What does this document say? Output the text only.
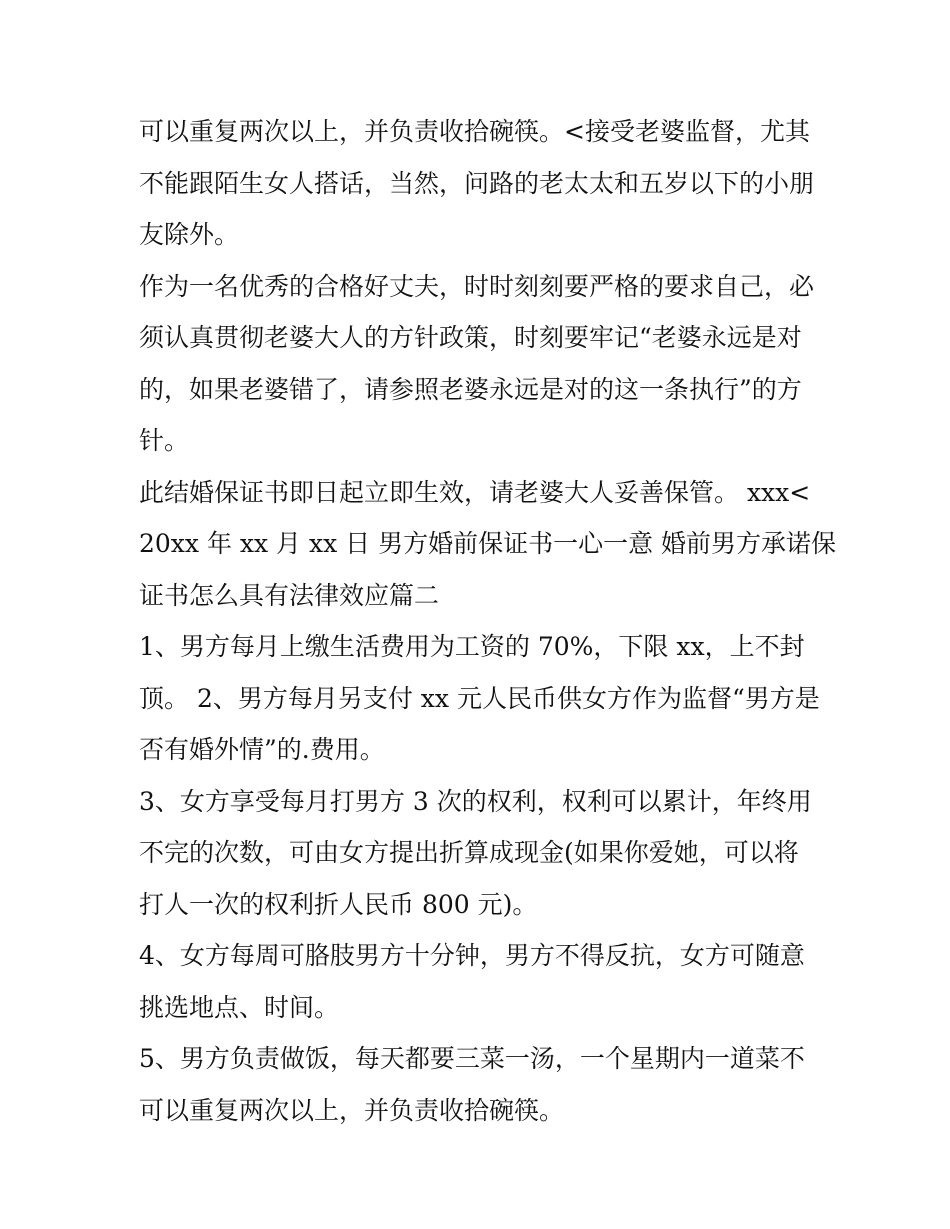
可以重复两次以上，并负责收拾碗筷。<接受老婆监督，尤其
不能跟陌生女人搭话，当然，问路的老太太和五岁以下的小朋
友除外。

作为一名优秀的合格好丈夫，时时刻刻要严格的要求自己，必
须认真贯彻老婆大人的方针政策，时刻要牢记“老婆永远是对
的，如果老婆错了，请参照老婆永远是对的这一条执行”的方
针。

此结婚保证书即日起立即生效，请老婆大人妥善保管。 xxx<
20xx 年 xx 月 xx 日 男方婚前保证书一心一意 婚前男方承诺保
证书怎么具有法律效应篇二

1、男方每月上缴生活费用为工资的 70%，下限 xx，上不封
顶。 2、男方每月另支付 xx 元人民币供女方作为监督“男方是
否有婚外情”的.费用。

3、女方享受每月打男方 3 次的权利，权利可以累计，年终用
不完的次数，可由女方提出折算成现金(如果你爱她，可以将
打人一次的权利折人民币 800 元)。

4、女方每周可胳肢男方十分钟，男方不得反抗，女方可随意
挑选地点、时间。

5、男方负责做饭，每天都要三菜一汤，一个星期内一道菜不
可以重复两次以上，并负责收拾碗筷。
